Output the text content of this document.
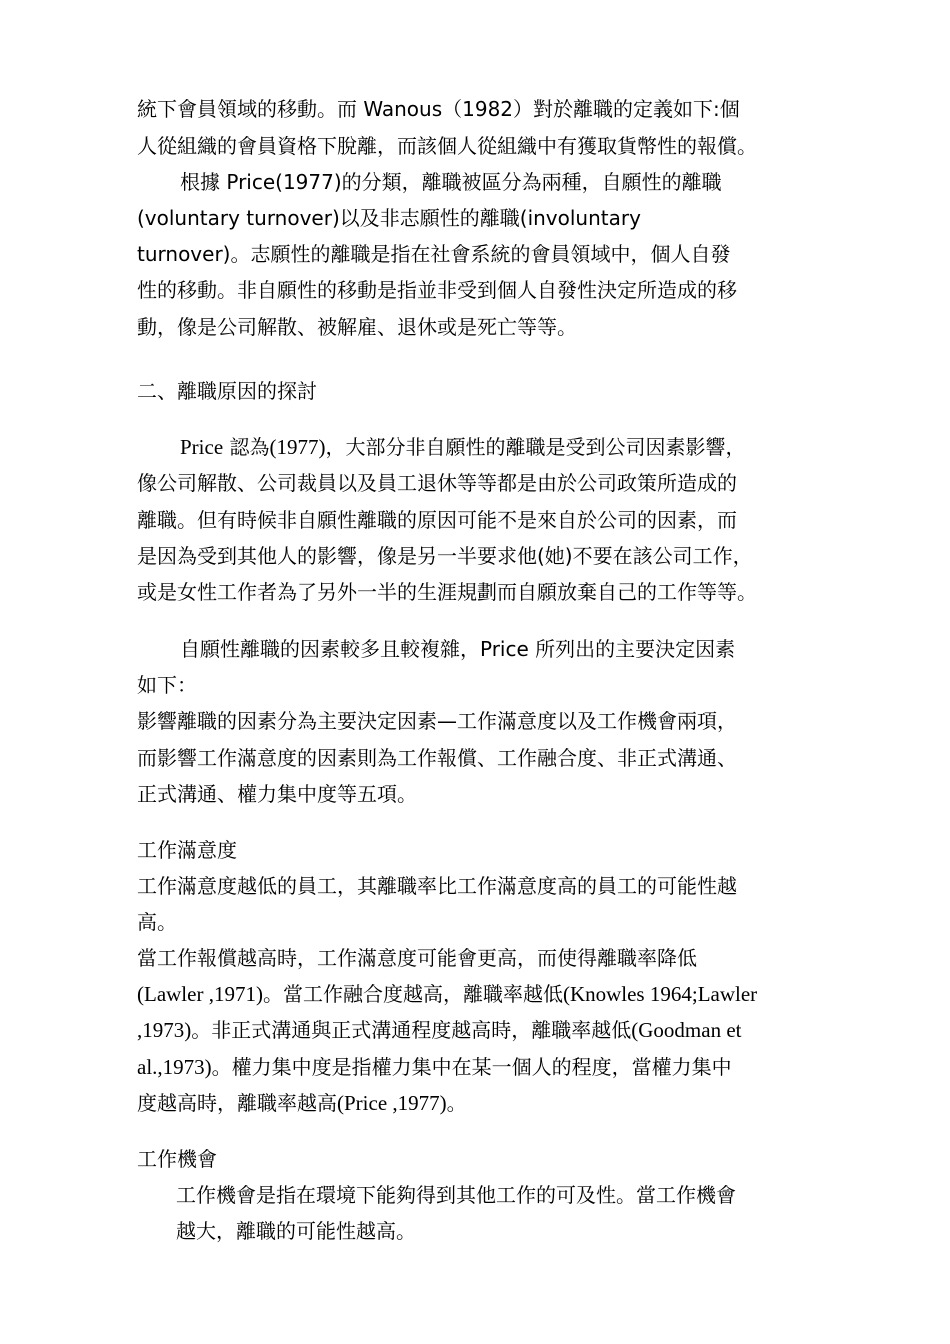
統下會員領域的移動。而 Wanous（1982）對於離職的定義如下:個
人從組織的會員資格下脫離，而該個人從組織中有獲取貨幣性的報償。
根據 Price(1977)的分類，離職被區分為兩種，自願性的離職
(voluntary turnover)以及非志願性的離職(involuntary
turnover)。志願性的離職是指在社會系統的會員領域中，個人自發
性的移動。非自願性的移動是指並非受到個人自發性決定所造成的移
動，像是公司解散、被解雇、退休或是死亡等等。
二、離職原因的探討
Price 認為(1977)，大部分非自願性的離職是受到公司因素影響，
像公司解散、公司裁員以及員工退休等等都是由於公司政策所造成的
離職。但有時候非自願性離職的原因可能不是來自於公司的因素，而
是因為受到其他人的影響，像是另一半要求他(她)不要在該公司工作，
或是女性工作者為了另外一半的生涯規劃而自願放棄自己的工作等等。
自願性離職的因素較多且較複雜，Price 所列出的主要決定因素
如下：
影響離職的因素分為主要決定因素—工作滿意度以及工作機會兩項，
而影響工作滿意度的因素則為工作報償、工作融合度、非正式溝通、
正式溝通、權力集中度等五項。
工作滿意度
工作滿意度越低的員工，其離職率比工作滿意度高的員工的可能性越
高。
當工作報償越高時，工作滿意度可能會更高，而使得離職率降低
(Lawler ,1971)。當工作融合度越高，離職率越低(Knowles 1964;Lawler
,1973)。非正式溝通與正式溝通程度越高時，離職率越低(Goodman et
al.,1973)。權力集中度是指權力集中在某一個人的程度，當權力集中
度越高時，離職率越高(Price ,1977)。
工作機會
工作機會是指在環境下能夠得到其他工作的可及性。當工作機會
越大，離職的可能性越高。
